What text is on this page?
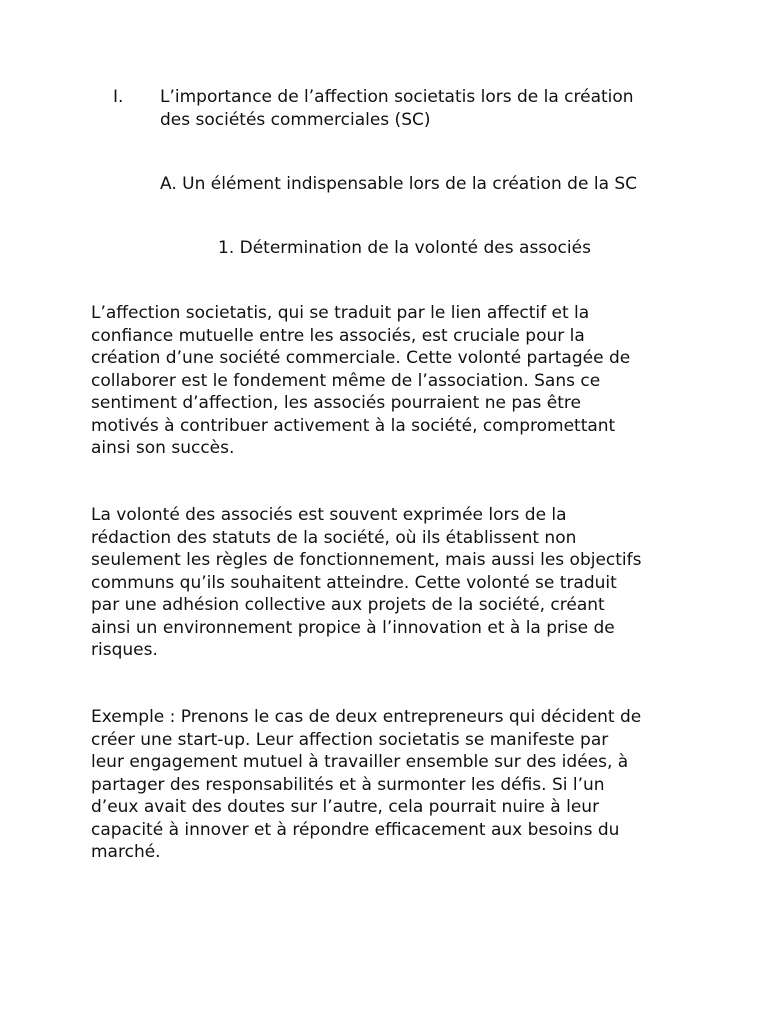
I. L’importance de l’affection societatis lors de la création
des sociétés commerciales (SC)
A. Un élément indispensable lors de la création de la SC
1. Détermination de la volonté des associés
L’affection societatis, qui se traduit par le lien affectif et la
confiance mutuelle entre les associés, est cruciale pour la
création d’une société commerciale. Cette volonté partagée de
collaborer est le fondement même de l’association. Sans ce
sentiment d’affection, les associés pourraient ne pas être
motivés à contribuer activement à la société, compromettant
ainsi son succès.
La volonté des associés est souvent exprimée lors de la
rédaction des statuts de la société, où ils établissent non
seulement les règles de fonctionnement, mais aussi les objectifs
communs qu’ils souhaitent atteindre. Cette volonté se traduit
par une adhésion collective aux projets de la société, créant
ainsi un environnement propice à l’innovation et à la prise de
risques.
Exemple : Prenons le cas de deux entrepreneurs qui décident de
créer une start-up. Leur affection societatis se manifeste par
leur engagement mutuel à travailler ensemble sur des idées, à
partager des responsabilités et à surmonter les défis. Si l’un
d’eux avait des doutes sur l’autre, cela pourrait nuire à leur
capacité à innover et à répondre efficacement aux besoins du
marché.
